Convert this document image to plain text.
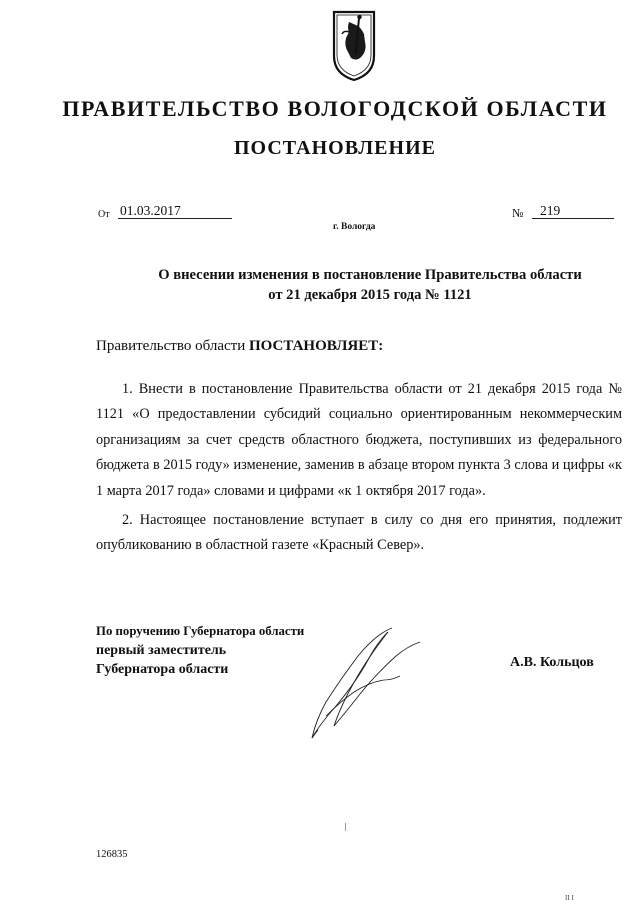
ПРАВИТЕЛЬСТВО ВОЛОГОДСКОЙ ОБЛАСТИ
ПОСТАНОВЛЕНИЕ
От 01.03.2017	№	219
г. Вологда
О внесении изменения в постановление Правительства области
от 21 декабря 2015 года № 1121
Правительство области ПОСТАНОВЛЯЕТ:

1. Внести в постановление Правительства области от 21 декабря 2015 года № 1121 «О предоставлении субсидий социально ориентированным некоммерческим организациям за счет средств областного бюджета, поступивших из федерального бюджета в 2015 году» изменение, заменив в абзаце втором пункта 3 слова и цифры «к 1 марта 2017 года» словами и цифрами «к 1 октября 2017 года».

2. Настоящее постановление вступает в силу со дня его принятия, подлежит опубликованию в областной газете «Красный Север».

По поручению Губернатора области
первый заместитель
Губернатора области	А.В. Кольцов
126835
II I
